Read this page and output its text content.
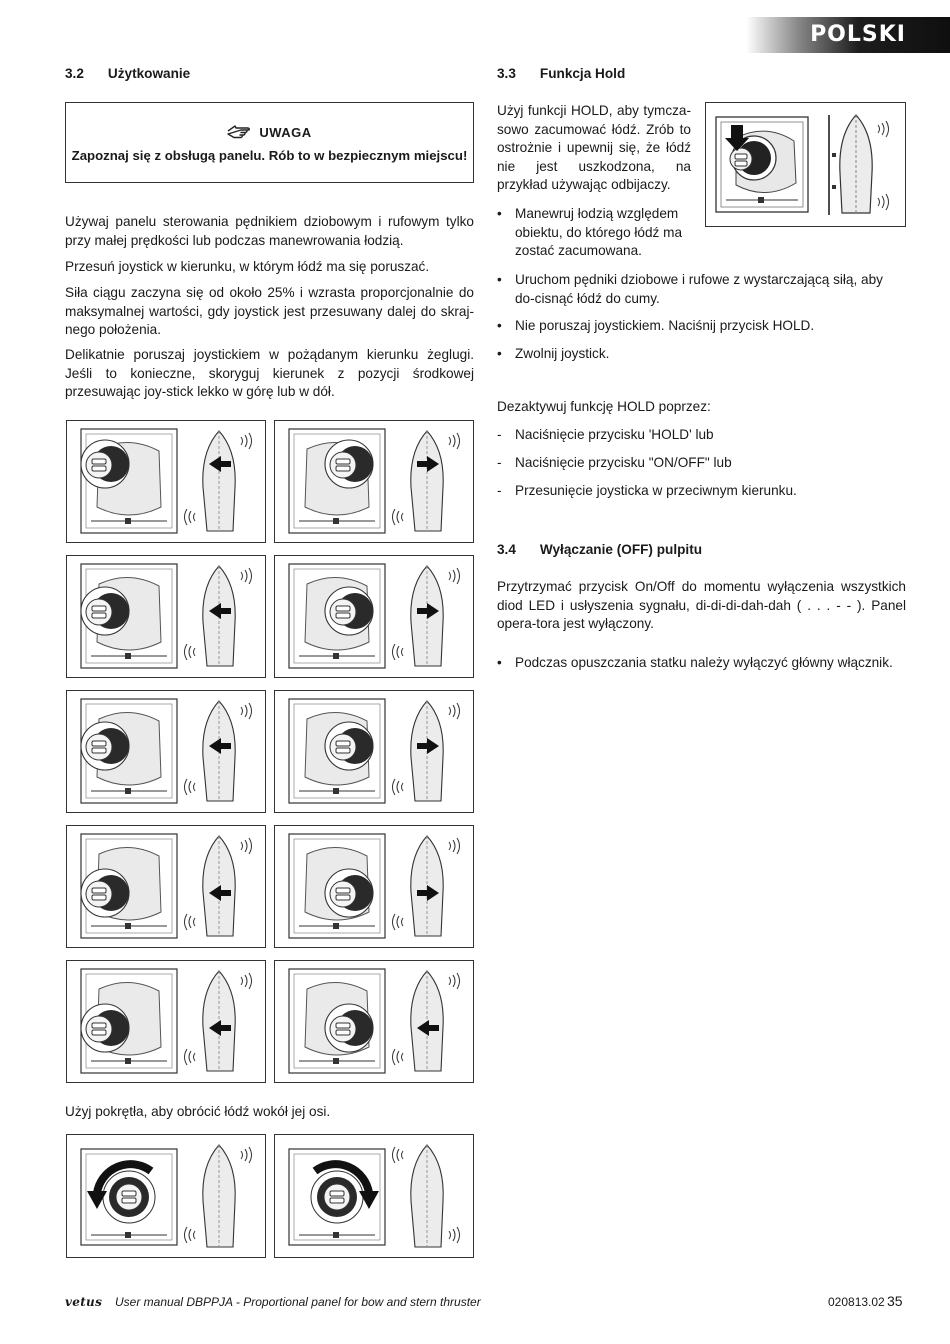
POLSKI
3.2 Użytkowanie
UWAGA
Zapoznaj się z obsługą panelu. Rób to w bezpiecznym miejscu!

Używaj panelu sterowania pędnikiem dziobowym i rufowym tylko przy małej prędkości lub podczas manewrowania łodzią.

Przesuń joystick w kierunku, w którym łódź ma się poruszać.

Siła ciągu zaczyna się od około 25% i wzrasta proporcjonalnie do maksymalnej wartości, gdy joystick jest przesuwany dalej do skraj-nego położenia.

Delikatnie poruszaj joystickiem w pożądanym kierunku żeglugi. Jeśli to konieczne, skoryguj kierunek z pozycji środkowej przesuwając joy-stick lekko w górę lub w dół.

Użyj pokrętła, aby obrócić łódź wokół jej osi.

3.3 Funkcja Hold

Użyj funkcji HOLD, aby tymcza-sowo zacumować łódź. Zrób to ostrożnie i upewnij się, że łódź nie jest uszkodzona, na przykład używając odbijaczy.

• Manewruj łodzią względem obiektu, do którego łódź ma zostać zacumowana.
• Uruchom pędniki dziobowe i rufowe z wystarczającą siłą, aby do-cisnąć łódź do cumy.
• Nie poruszaj joystickiem. Naciśnij przycisk HOLD.
• Zwolnij joystick.

Dezaktywuj funkcję HOLD poprzez:

- Naciśnięcie przycisku 'HOLD' lub
- Naciśnięcie przycisku "ON/OFF" lub
- Przesunięcie joysticka w przeciwnym kierunku.
3.4 Wyłączanie (OFF) pulpitu

Przytrzymać przycisk On/Off do momentu wyłączenia wszystkich diod LED i usłyszenia sygnału, di-di-di-dah-dah ( . . . - - ). Panel opera-tora jest wyłączony.

• Podczas opuszczania statku należy wyłączyć główny włącznik.
vetus User manual DBPPJA - Proportional panel for bow and stern thruster	020813.02 35
